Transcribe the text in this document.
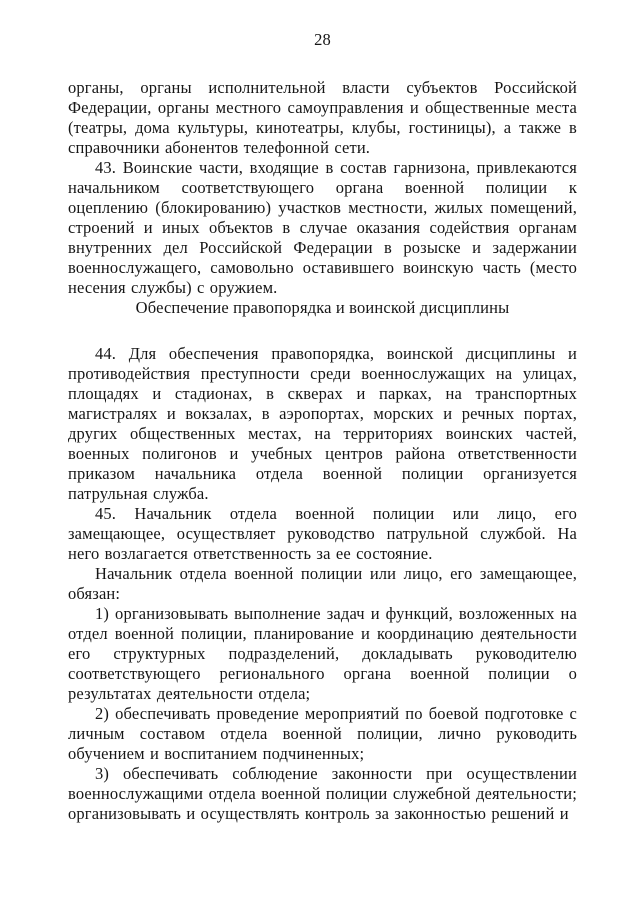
28

органы, органы исполнительной власти субъектов Российской Федерации, органы местного самоуправления и общественные места (театры, дома культуры, кинотеатры, клубы, гостиницы), а также в справочники абонентов телефонной сети.

43. Воинские части, входящие в состав гарнизона, привлекаются начальником соответствующего органа военной полиции к оцеплению (блокированию) участков местности, жилых помещений, строений и иных объектов в случае оказания содействия органам внутренних дел Российской Федерации в розыске и задержании военнослужащего, самовольно оставившего воинскую часть (место несения службы) с оружием.

Обеспечение правопорядка и воинской дисциплины

44. Для обеспечения правопорядка, воинской дисциплины и противодействия преступности среди военнослужащих на улицах, площадях и стадионах, в скверах и парках, на транспортных магистралях и вокзалах, в аэропортах, морских и речных портах, других общественных местах, на территориях воинских частей, военных полигонов и учебных центров района ответственности приказом начальника отдела военной полиции организуется патрульная служба.

45. Начальник отдела военной полиции или лицо, его замещающее, осуществляет руководство патрульной службой. На него возлагается ответственность за ее состояние.

Начальник отдела военной полиции или лицо, его замещающее, обязан:

1) организовывать выполнение задач и функций, возложенных на отдел военной полиции, планирование и координацию деятельности его структурных подразделений, докладывать руководителю соответствующего регионального органа военной полиции о результатах деятельности отдела;

2) обеспечивать проведение мероприятий по боевой подготовке с личным составом отдела военной полиции, лично руководить обучением и воспитанием подчиненных;

3) обеспечивать соблюдение законности при осуществлении военнослужащими отдела военной полиции служебной деятельности; организовывать и осуществлять контроль за законностью решений и
